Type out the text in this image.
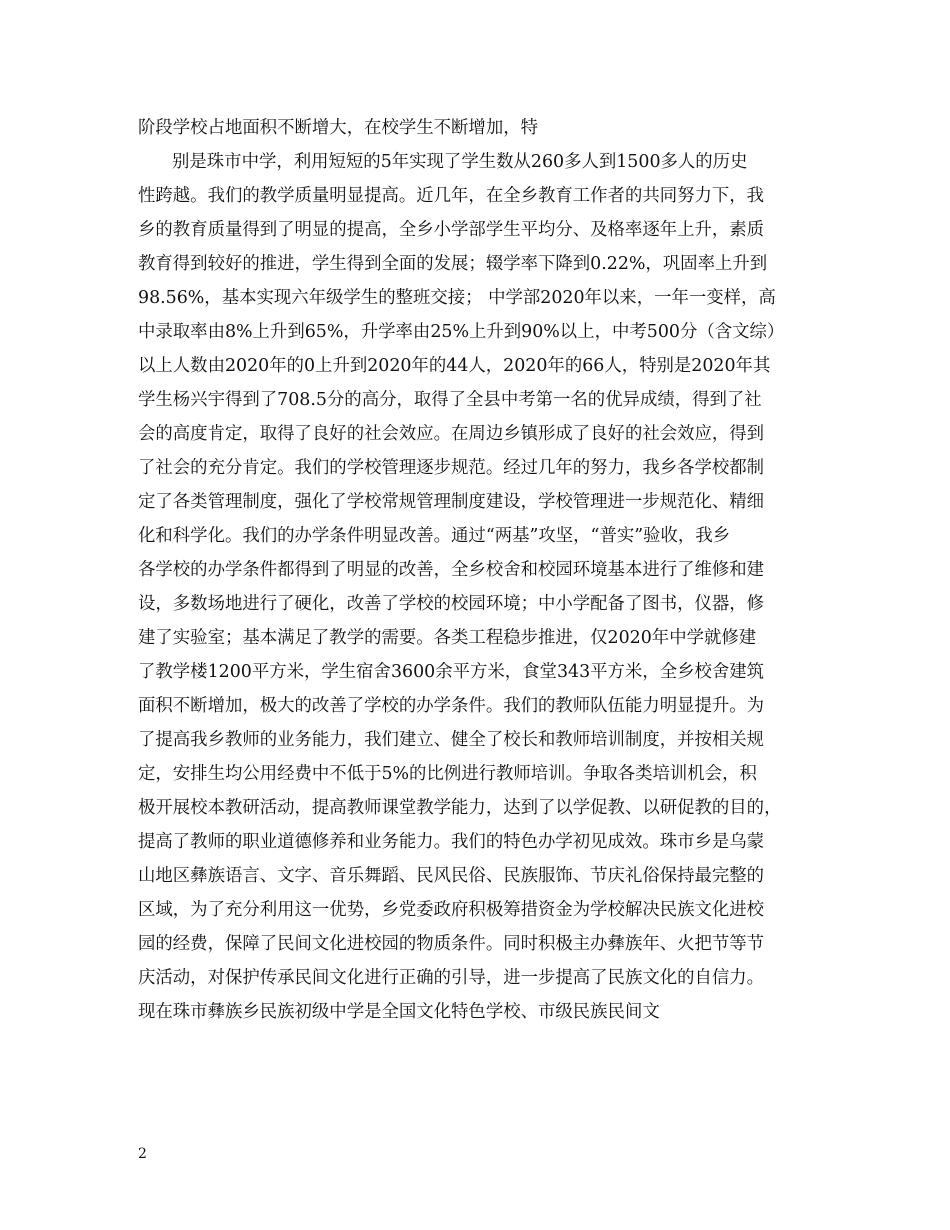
阶段学校占地面积不断增大，在校学生不断增加，特
别是珠市中学，利用短短的5年实现了学生数从260多人到1500多人的历史
性跨越。我们的教学质量明显提高。近几年，在全乡教育工作者的共同努力下，我
乡的教育质量得到了明显的提高，全乡小学部学生平均分、及格率逐年上升，素质
教育得到较好的推进，学生得到全面的发展；辍学率下降到0.22%，巩固率上升到
98.56%，基本实现六年级学生的整班交接； 中学部2020年以来，一年一变样，高
中录取率由8%上升到65%，升学率由25%上升到90%以上，中考500分（含文综）
以上人数由2020年的0上升到2020年的44人，2020年的66人，特别是2020年其
学生杨兴宇得到了708.5分的高分，取得了全县中考第一名的优异成绩，得到了社
会的高度肯定，取得了良好的社会效应。在周边乡镇形成了良好的社会效应，得到
了社会的充分肯定。我们的学校管理逐步规范。经过几年的努力，我乡各学校都制
定了各类管理制度，强化了学校常规管理制度建设，学校管理进一步规范化、精细
化和科学化。我们的办学条件明显改善。通过“两基”攻坚，“普实”验收，我乡
各学校的办学条件都得到了明显的改善，全乡校舍和校园环境基本进行了维修和建
设，多数场地进行了硬化，改善了学校的校园环境；中小学配备了图书，仪器，修
建了实验室；基本满足了教学的需要。各类工程稳步推进，仅2020年中学就修建
了教学楼1200平方米，学生宿舍3600余平方米，食堂343平方米，全乡校舍建筑
面积不断增加，极大的改善了学校的办学条件。我们的教师队伍能力明显提升。为
了提高我乡教师的业务能力，我们建立、健全了校长和教师培训制度，并按相关规
定，安排生均公用经费中不低于5%的比例进行教师培训。争取各类培训机会，积
极开展校本教研活动，提高教师课堂教学能力，达到了以学促教、以研促教的目的，
提高了教师的职业道德修养和业务能力。我们的特色办学初见成效。珠市乡是乌蒙
山地区彝族语言、文字、音乐舞蹈、民风民俗、民族服饰、节庆礼俗保持最完整的
区域，为了充分利用这一优势，乡党委政府积极筹措资金为学校解决民族文化进校
园的经费，保障了民间文化进校园的物质条件。同时积极主办彝族年、火把节等节
庆活动，对保护传承民间文化进行正确的引导，进一步提高了民族文化的自信力。
现在珠市彝族乡民族初级中学是全国文化特色学校、市级民族民间文
2
